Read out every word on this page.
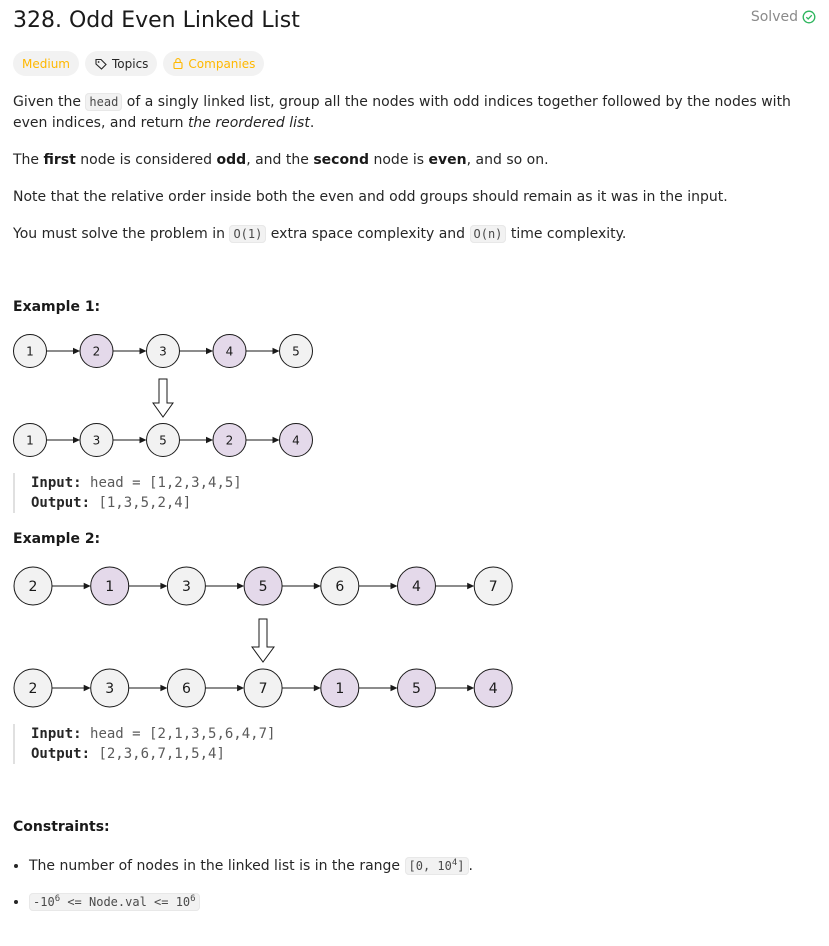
328. Odd Even Linked List	Solved
Medium	Topics	Companies

Given the head of a singly linked list, group all the nodes with odd indices together followed by the nodes with even indices, and return the reordered list.

The first node is considered odd, and the second node is even, and so on.

Note that the relative order inside both the even and odd groups should remain as it was in the input.

You must solve the problem in O(1) extra space complexity and O(n) time complexity.

Example 1:

1	2	3	4	5
1	3	5	2	4
Input: head = [1,2,3,4,5]
Output: [1,3,5,2,4]

Example 2:

2	1	3	5	6	4	7
2	3	6	7	1	5	4
Input: head = [2,1,3,5,6,4,7]
Output: [2,3,6,7,1,5,4]

Constraints:

• The number of nodes in the linked list is in the range [0, $10^4$] .
• $-10^6$ <= Node.val <= $10^6$
